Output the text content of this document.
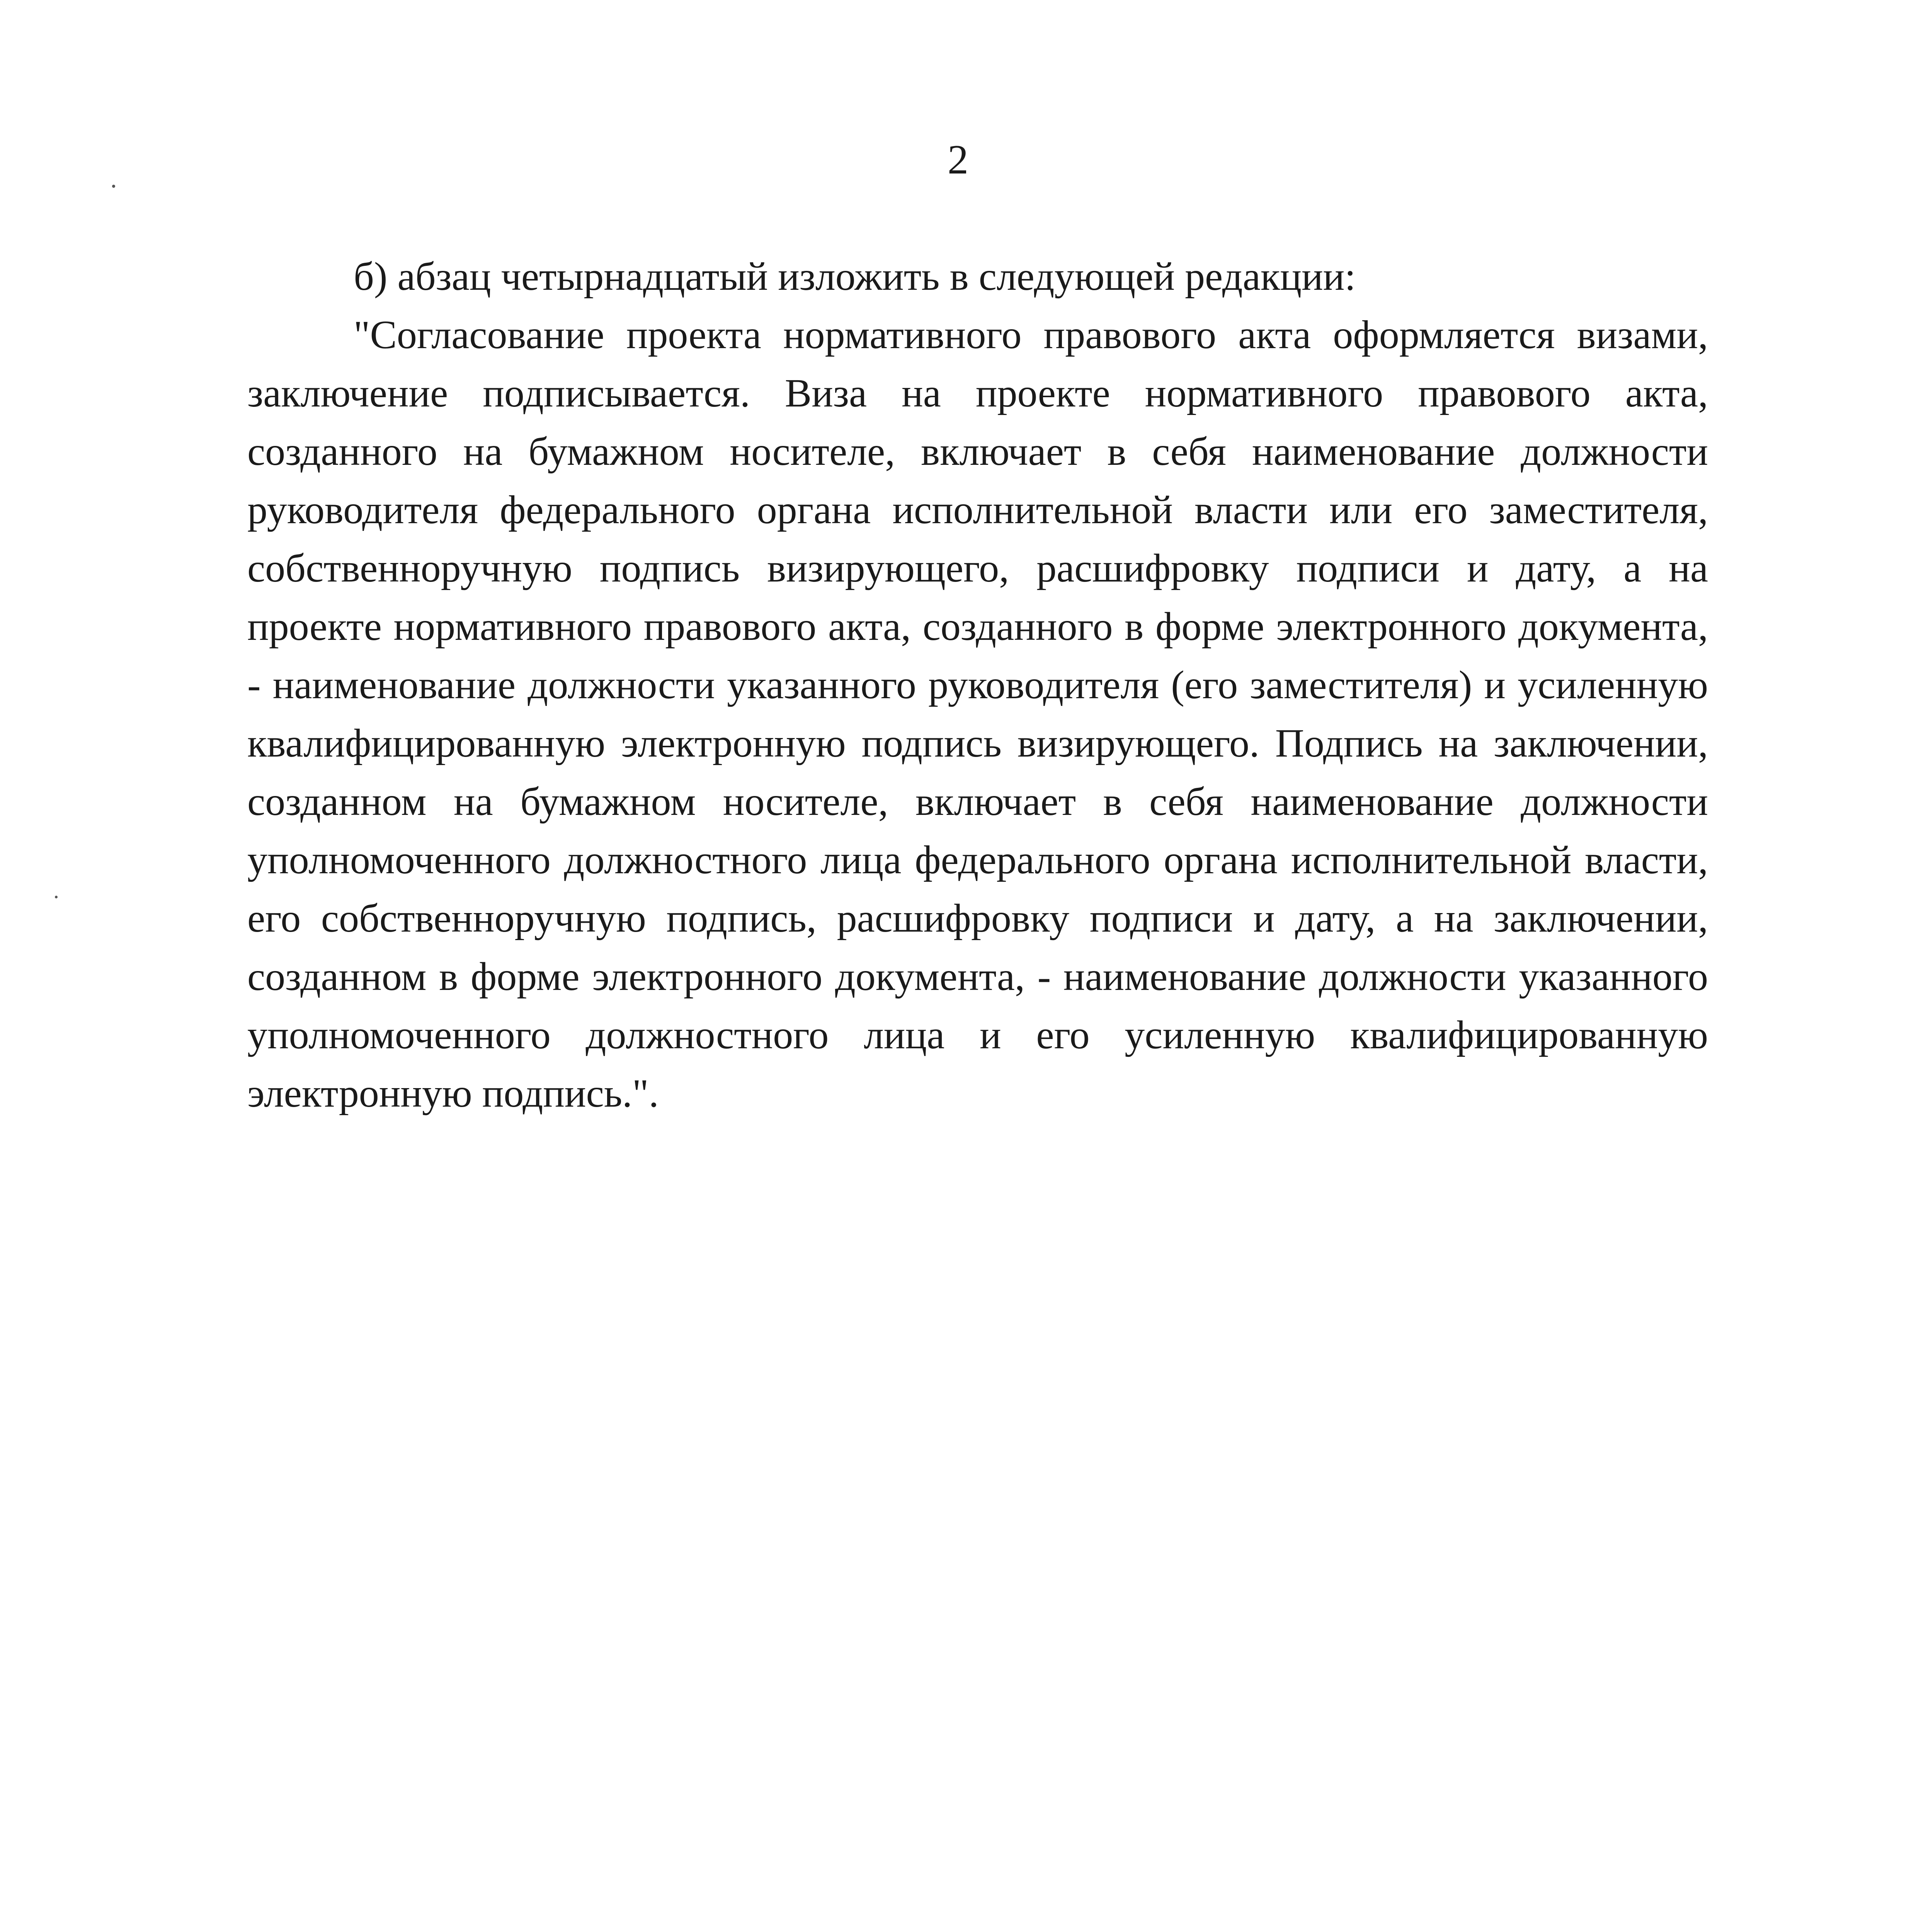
2

б) абзац четырнадцатый изложить в следующей редакции:

"Согласование проекта нормативного правового акта оформляется визами, заключение подписывается. Виза на проекте нормативного правового акта, созданного на бумажном носителе, включает в себя наименование должности руководителя федерального органа исполнительной власти или его заместителя, собственноручную подпись визирующего, расшифровку подписи и дату, а на проекте нормативного правового акта, созданного в форме электронного документа, - наименование должности указанного руководителя (его заместителя) и усиленную квалифицированную электронную подпись визирующего. Подпись на заключении, созданном на бумажном носителе, включает в себя наименование должности уполномоченного должностного лица федерального органа исполнительной власти, его собственноручную подпись, расшифровку подписи и дату, а на заключении, созданном в форме электронного документа, - наименование должности указанного уполномоченного должностного лица и его усиленную квалифицированную электронную подпись.".
